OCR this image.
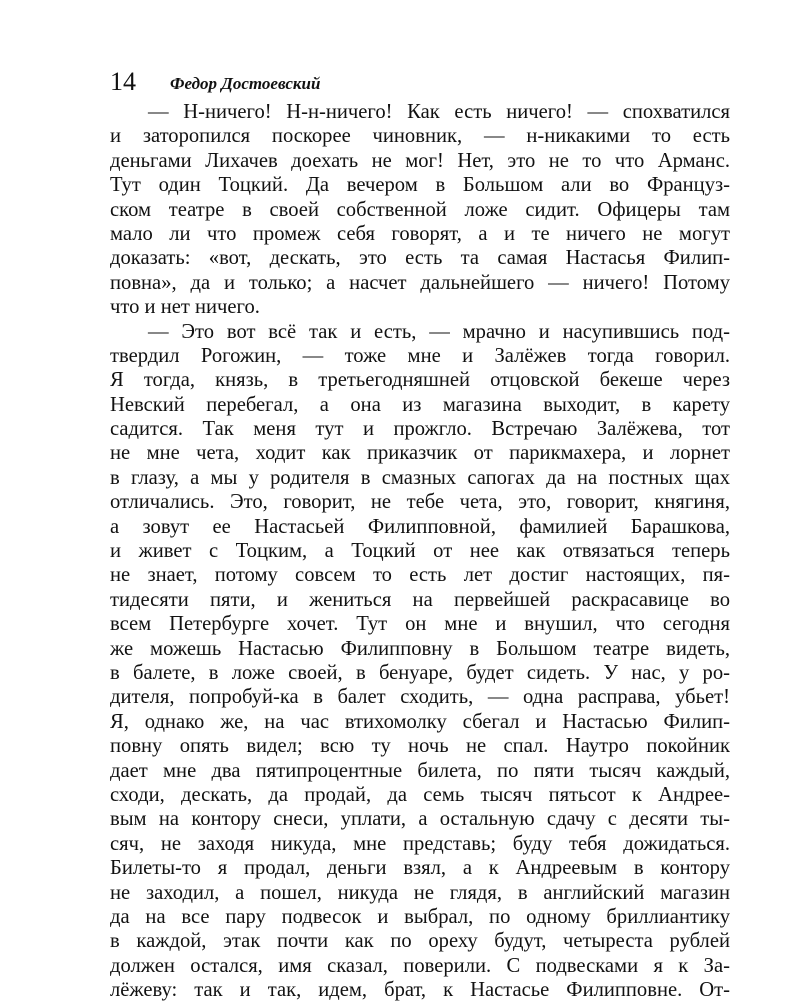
14 Федор Достоевский
— Н-ничего! Н-н-ничего! Как есть ничего! — спохватился
и заторопился поскорее чиновник, — н-никакими то есть
деньгами Лихачев доехать не мог! Нет, это не то что Арманс.
Тут один Тоцкий. Да вечером в Большом али во Француз-
ском театре в своей собственной ложе сидит. Офицеры там
мало ли что промеж себя говорят, а и те ничего не могут
доказать: «вот, дескать, это есть та самая Настасья Филип-
повна», да и только; а насчет дальнейшего — ничего! Потому
что и нет ничего.
— Это вот всё так и есть, — мрачно и насупившись под-
твердил Рогожин, — тоже мне и Залёжев тогда говорил.
Я тогда, князь, в третьегодняшней отцовской бекеше через
Невский перебегал, а она из магазина выходит, в карету
садится. Так меня тут и прожгло. Встречаю Залёжева, тот
не мне чета, ходит как приказчик от парикмахера, и лорнет
в глазу, а мы у родителя в смазных сапогах да на постных щах
отличались. Это, говорит, не тебе чета, это, говорит, княгиня,
а зовут ее Настасьей Филипповной, фамилией Барашкова,
и живет с Тоцким, а Тоцкий от нее как отвязаться теперь
не знает, потому совсем то есть лет достиг настоящих, пя-
тидесяти пяти, и жениться на первейшей раскрасавице во
всем Петербурге хочет. Тут он мне и внушил, что сегодня
же можешь Настасью Филипповну в Большом театре видеть,
в балете, в ложе своей, в бенуаре, будет сидеть. У нас, у ро-
дителя, попробуй-ка в балет сходить, — одна расправа, убьет!
Я, однако же, на час втихомолку сбегал и Настасью Филип-
повну опять видел; всю ту ночь не спал. Наутро покойник
дает мне два пятипроцентные билета, по пяти тысяч каждый,
сходи, дескать, да продай, да семь тысяч пятьсот к Андрее-
вым на контору снеси, уплати, а остальную сдачу с десяти ты-
сяч, не заходя никуда, мне представь; буду тебя дожидаться.
Билеты-то я продал, деньги взял, а к Андреевым в контору
не заходил, а пошел, никуда не глядя, в английский магазин
да на все пару подвесок и выбрал, по одному бриллиантику
в каждой, этак почти как по ореху будут, четыреста рублей
должен остался, имя сказал, поверили. С подвесками я к За-
лёжеву: так и так, идем, брат, к Настасье Филипповне. От-
